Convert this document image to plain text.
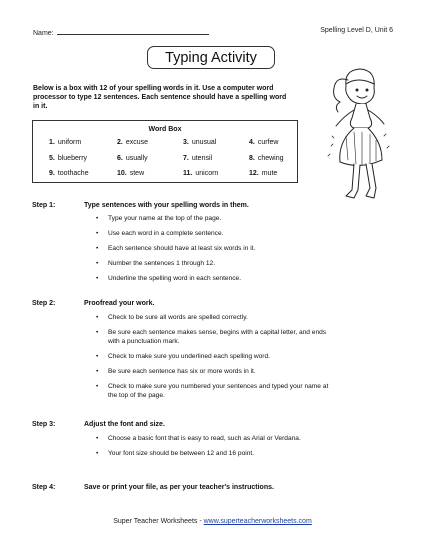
Name:	Spelling Level D, Unit 6
Typing Activity
Below is a box with 12 of your spelling words in it. Use a computer word processor to type 12 sentences. Each sentence should have a spelling word in it.
Word Box
1. uniform	2. excuse	3. unusual	4. curfew
5. blueberry	6. usually	7. utensil	8. chewing
9. toothache	10. stew	11. unicorn	12. mute
Step 1:	Type sentences with your spelling words in them.
• Type your name at the top of the page.
• Use each word in a complete sentence.
• Each sentence should have at least six words in it.
• Number the sentences 1 through 12.
• Underline the spelling word in each sentence.
Step 2:	Proofread your work.
• Check to be sure all words are spelled correctly.
• Be sure each sentence makes sense, begins with a capital letter, and ends with a punctuation mark.
• Check to make sure you underlined each spelling word.
• Be sure each sentence has six or more words in it.
• Check to make sure you numbered your sentences and typed your name at the top of the page.
Step 3:	Adjust the font and size.
• Choose a basic font that is easy to read, such as Arial or Verdana.
• Your font size should be between 12 and 16 point.
Step 4:	Save or print your file, as per your teacher's instructions.
Super Teacher Worksheets - www.superteacherworksheets.com
